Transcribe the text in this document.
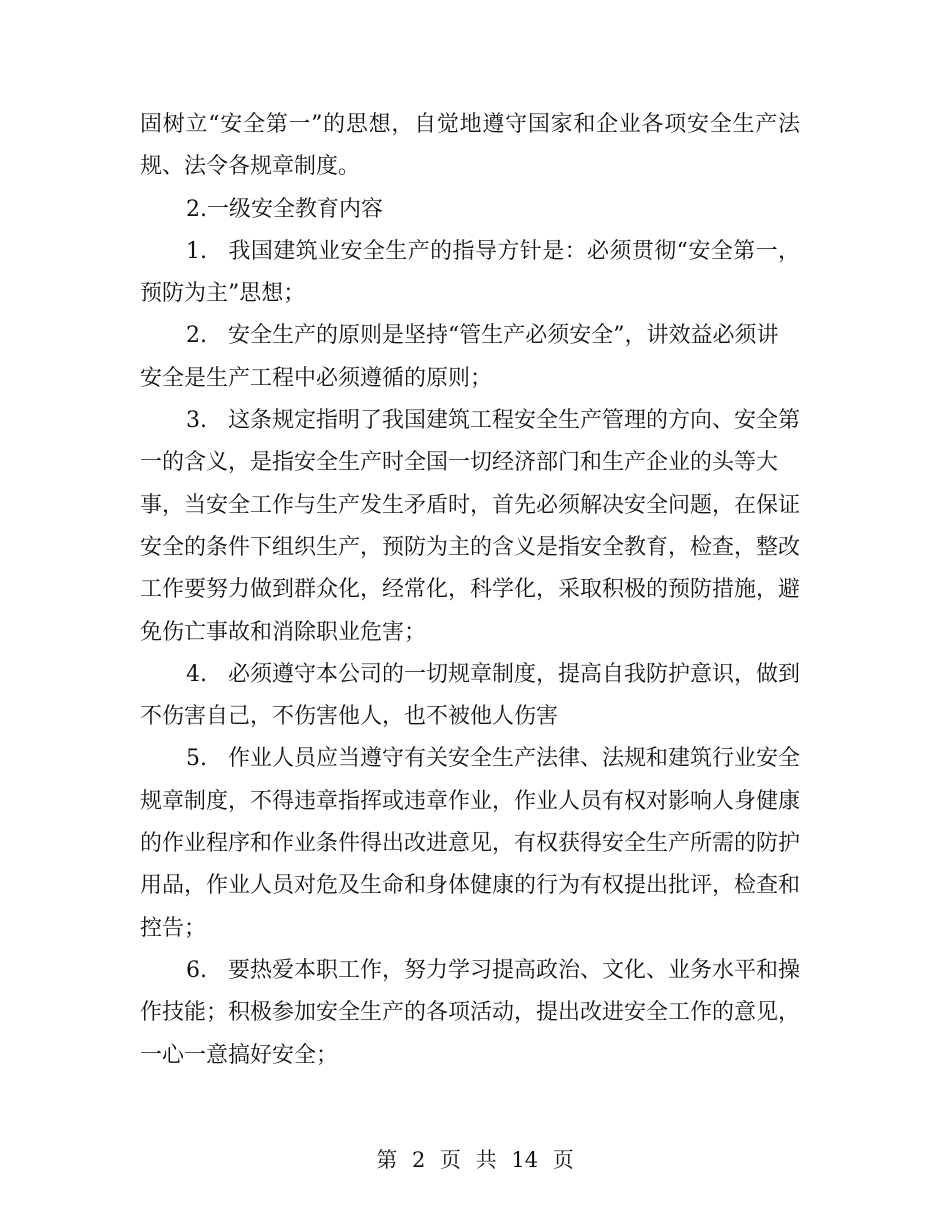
固树立“安全第一”的思想，自觉地遵守国家和企业各项安全生产法
规、法令各规章制度。
2.一级安全教育内容
1. 我国建筑业安全生产的指导方针是：必须贯彻“安全第一，
预防为主”思想；
2. 安全生产的原则是坚持“管生产必须安全”，讲效益必须讲
安全是生产工程中必须遵循的原则；
3. 这条规定指明了我国建筑工程安全生产管理的方向、安全第
一的含义，是指安全生产时全国一切经济部门和生产企业的头等大
事，当安全工作与生产发生矛盾时，首先必须解决安全问题，在保证
安全的条件下组织生产，预防为主的含义是指安全教育，检查，整改
工作要努力做到群众化，经常化，科学化，采取积极的预防措施，避
免伤亡事故和消除职业危害；
4. 必须遵守本公司的一切规章制度，提高自我防护意识，做到
不伤害自己，不伤害他人，也不被他人伤害
5. 作业人员应当遵守有关安全生产法律、法规和建筑行业安全
规章制度，不得违章指挥或违章作业，作业人员有权对影响人身健康
的作业程序和作业条件得出改进意见，有权获得安全生产所需的防护
用品，作业人员对危及生命和身体健康的行为有权提出批评，检查和
控告；
6. 要热爱本职工作，努力学习提高政治、文化、业务水平和操
作技能；积极参加安全生产的各项活动，提出改进安全工作的意见，
一心一意搞好安全；
第 2 页 共 14 页
